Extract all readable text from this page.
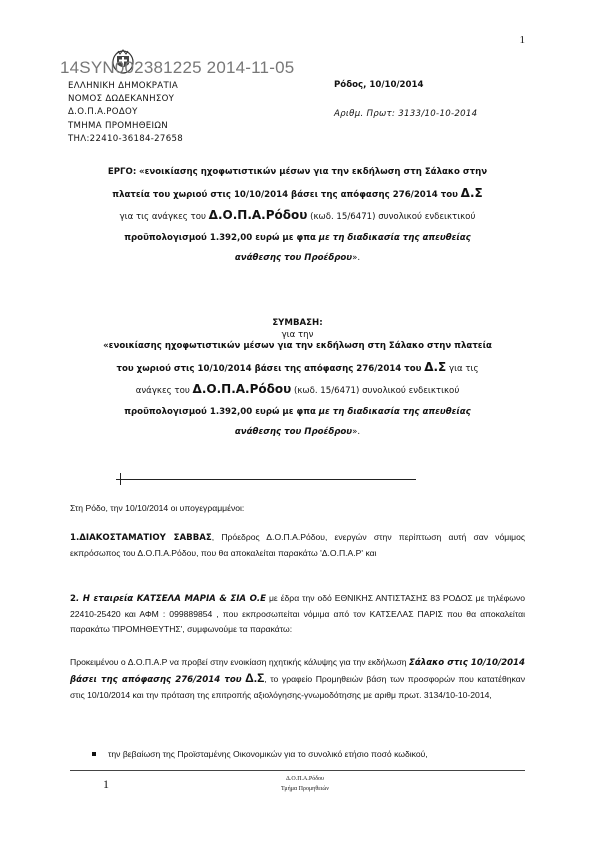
1
14SYN002381225 2014-11-05
ΕΛΛΗΝΙΚΗ ΔΗΜΟΚΡΑΤΙΑ
ΝΟΜΟΣ ΔΩΔΕΚΑΝΗΣΟΥ
Δ.Ο.Π.Α.ΡΟΔΟΥ
ΤΜΗΜΑ ΠΡΟΜΗΘΕΙΩΝ
ΤΗΛ:22410-36184-27658
Ρόδος, 10/10/2014
Αριθμ. Πρωτ: 3133/10-10-2014
ΕΡΓΟ: «ενοικίασης ηχοφωτιστικών μέσων για την εκδήλωση στη Σάλακο στην
πλατεία του χωριού στις 10/10/2014 βάσει της απόφασης 276/2014 του Δ.Σ
για τις ανάγκες του Δ.Ο.Π.Α.Ρόδου (κωδ. 15/6471) συνολικού ενδεικτικού
προϋπολογισμού 1.392,00 ευρώ με φπα με τη διαδικασία της απευθείας
ανάθεσης του Προέδρου».
ΣΥΜΒΑΣΗ:
για την
«ενοικίασης ηχοφωτιστικών μέσων για την εκδήλωση στη Σάλακο στην πλατεία
του χωριού στις 10/10/2014 βάσει της απόφασης 276/2014 του Δ.Σ για τις
ανάγκες του Δ.Ο.Π.Α.Ρόδου (κωδ. 15/6471) συνολικού ενδεικτικού
προϋπολογισμού 1.392,00 ευρώ με φπα με τη διαδικασία της απευθείας
ανάθεσης του Προέδρου».
Στη Ρόδο, την 10/10/2014 οι υπογεγραμμένοι:
1.ΔΙΑΚΟΣΤΑΜΑΤΙΟΥ ΣΑΒΒΑΣ, Πρόεδρος Δ.Ο.Π.Α.Ρόδου, ενεργών στην περίπτωση αυτή σαν νόμιμος εκπρόσωπος του Δ.Ο.Π.Α.Ρόδου, που θα αποκαλείται παρακάτω 'Δ.Ο.Π.Α.Ρ' και
2. Η εταιρεία ΚΑΤΣΕΛΑ ΜΑΡΙΑ & ΣΙΑ Ο.Ε με έδρα την οδό ΕΘΝΙΚΗΣ ΑΝΤΙΣΤΑΣΗΣ 83 ΡΟΔΟΣ με τηλέφωνο 22410-25420 και ΑΦΜ : 099889854 , που εκπροσωπείται νόμιμα από τον ΚΑΤΣΕΛΑΣ ΠΑΡΙΣ που θα αποκαλείται παρακάτω 'ΠΡΟΜΗΘΕΥΤΗΣ', συμφωνούμε τα παρακάτω:
Προκειμένου ο Δ.Ο.Π.Α.Ρ να προβεί στην ενοικίαση ηχητικής κάλυψης για την εκδήλωση Σάλακο στις 10/10/2014 βάσει της απόφασης 276/2014 του Δ.Σ, το γραφείο Προμηθειών βάση των προσφορών που κατατέθηκαν στις 10/10/2014 και την πρόταση της επιτροπής αξιολόγησης-γνωμοδότησης με αριθμ πρωτ. 3134/10-10-2014,
την βεβαίωση της Προϊσταμένης Οικονομικών για το συνολικό ετήσιο ποσό κωδικού,
1	Δ.Ο.Π.Α.Ρόδου
Τμήμα Προμηθειών
